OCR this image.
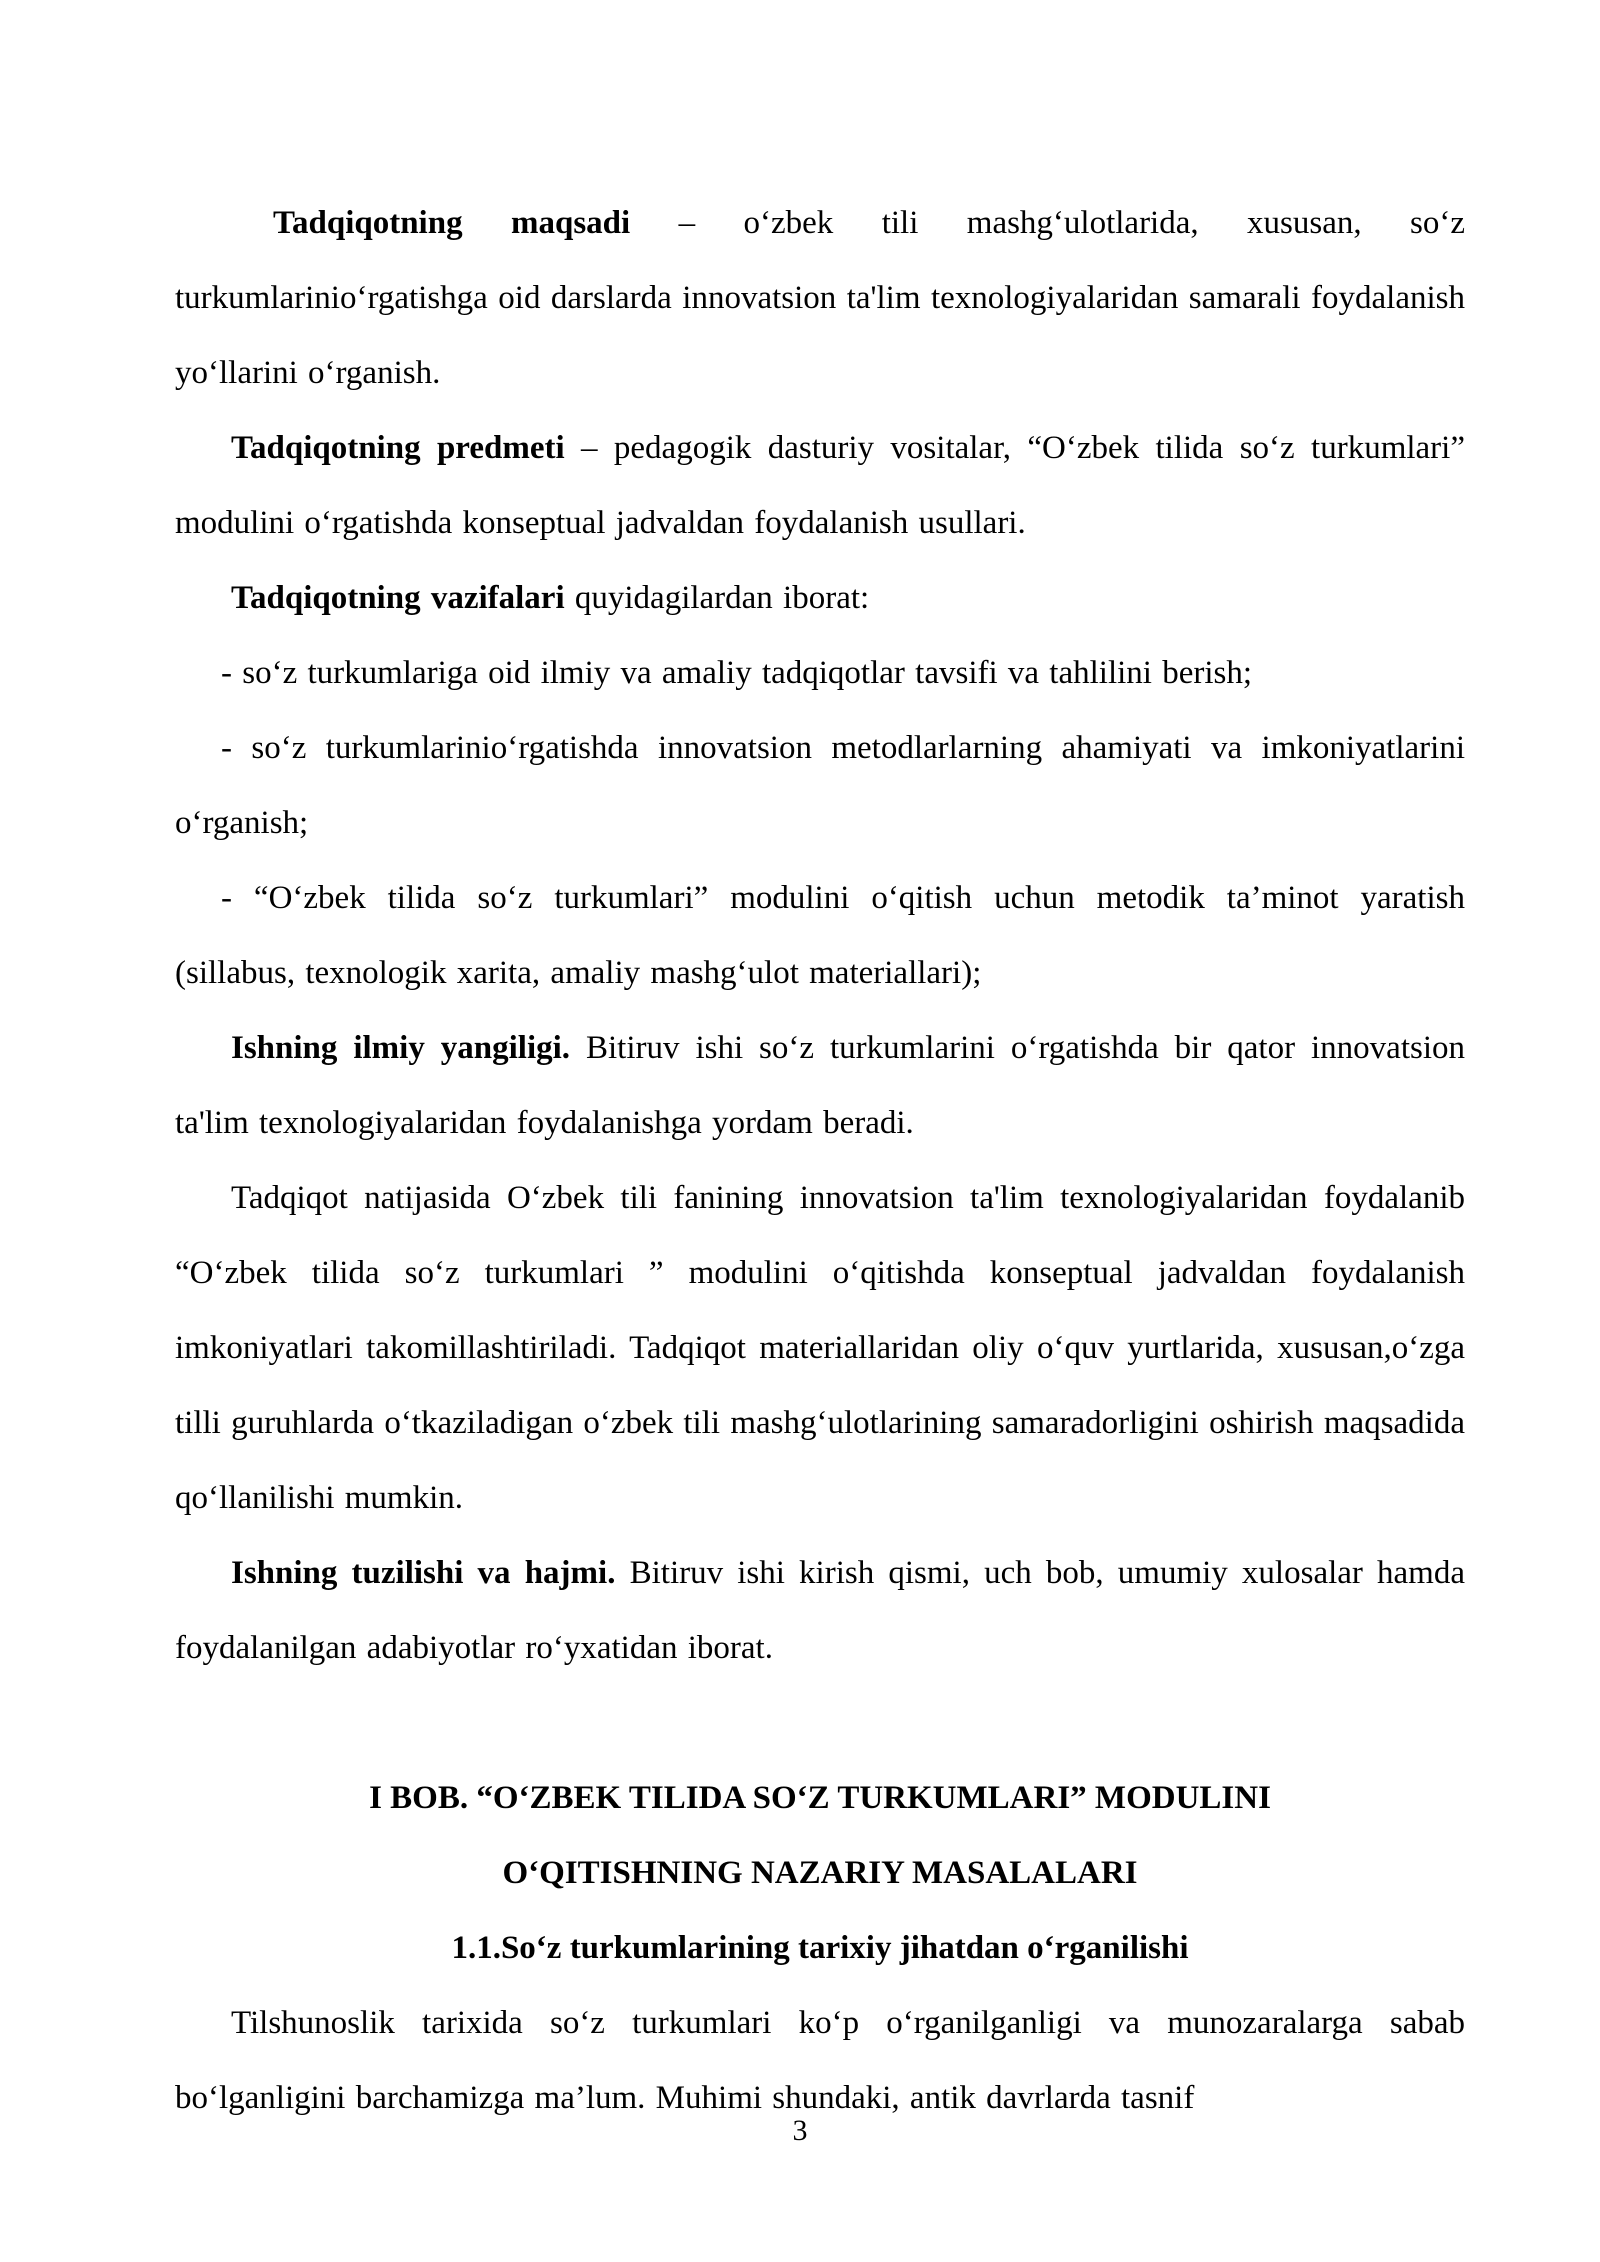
Tadqiqotning maqsadi – o‘zbek tili mashg‘ulotlarida, xususan, so‘z turkumlarinio‘rgatishga oid darslarda innovatsion ta'lim texnologiyalaridan samarali foydalanish yo‘llarini o‘rganish.

Tadqiqotning predmeti – pedagogik dasturiy vositalar, “O‘zbek tilida so‘z turkumlari” modulini o‘rgatishda konseptual jadvaldan foydalanish usullari.

Tadqiqotning vazifalari quyidagilardan iborat:

- so‘z turkumlariga oid ilmiy va amaliy tadqiqotlar tavsifi va tahlilini berish;

- so‘z turkumlarinio‘rgatishda innovatsion metodlarlarning ahamiyati va imkoniyatlarini o‘rganish;

- “O‘zbek tilida so‘z turkumlari” modulini o‘qitish uchun metodik ta’minot yaratish (sillabus, texnologik xarita, amaliy mashg‘ulot materiallari);

Ishning ilmiy yangiligi. Bitiruv ishi so‘z turkumlarini o‘rgatishda bir qator innovatsion ta'lim texnologiyalaridan foydalanishga yordam beradi.

Tadqiqot natijasida O‘zbek tili fanining innovatsion ta'lim texnologiyalaridan foydalanib “O‘zbek tilida so‘z turkumlari ” modulini o‘qitishda konseptual jadvaldan foydalanish imkoniyatlari takomillashtiriladi. Tadqiqot materiallaridan oliy o‘quv yurtlarida, xususan,o‘zga tilli guruhlarda o‘tkaziladigan o‘zbek tili mashg‘ulotlarining samaradorligini oshirish maqsadida qo‘llanilishi mumkin.

Ishning tuzilishi va hajmi. Bitiruv ishi kirish qismi, uch bob, umumiy xulosalar hamda foydalanilgan adabiyotlar ro‘yxatidan iborat.

I BOB. “O‘ZBEK TILIDA SO‘Z TURKUMLARI” MODULINI

O‘QITISHNING NAZARIY MASALALARI

1.1.So‘z turkumlarining tarixiy jihatdan o‘rganilishi

Tilshunoslik tarixida so‘z turkumlari ko‘p o‘rganilganligi va munozaralarga sabab bo‘lganligini barchamizga ma’lum. Muhimi shundaki, antik davrlarda tasnif

3
